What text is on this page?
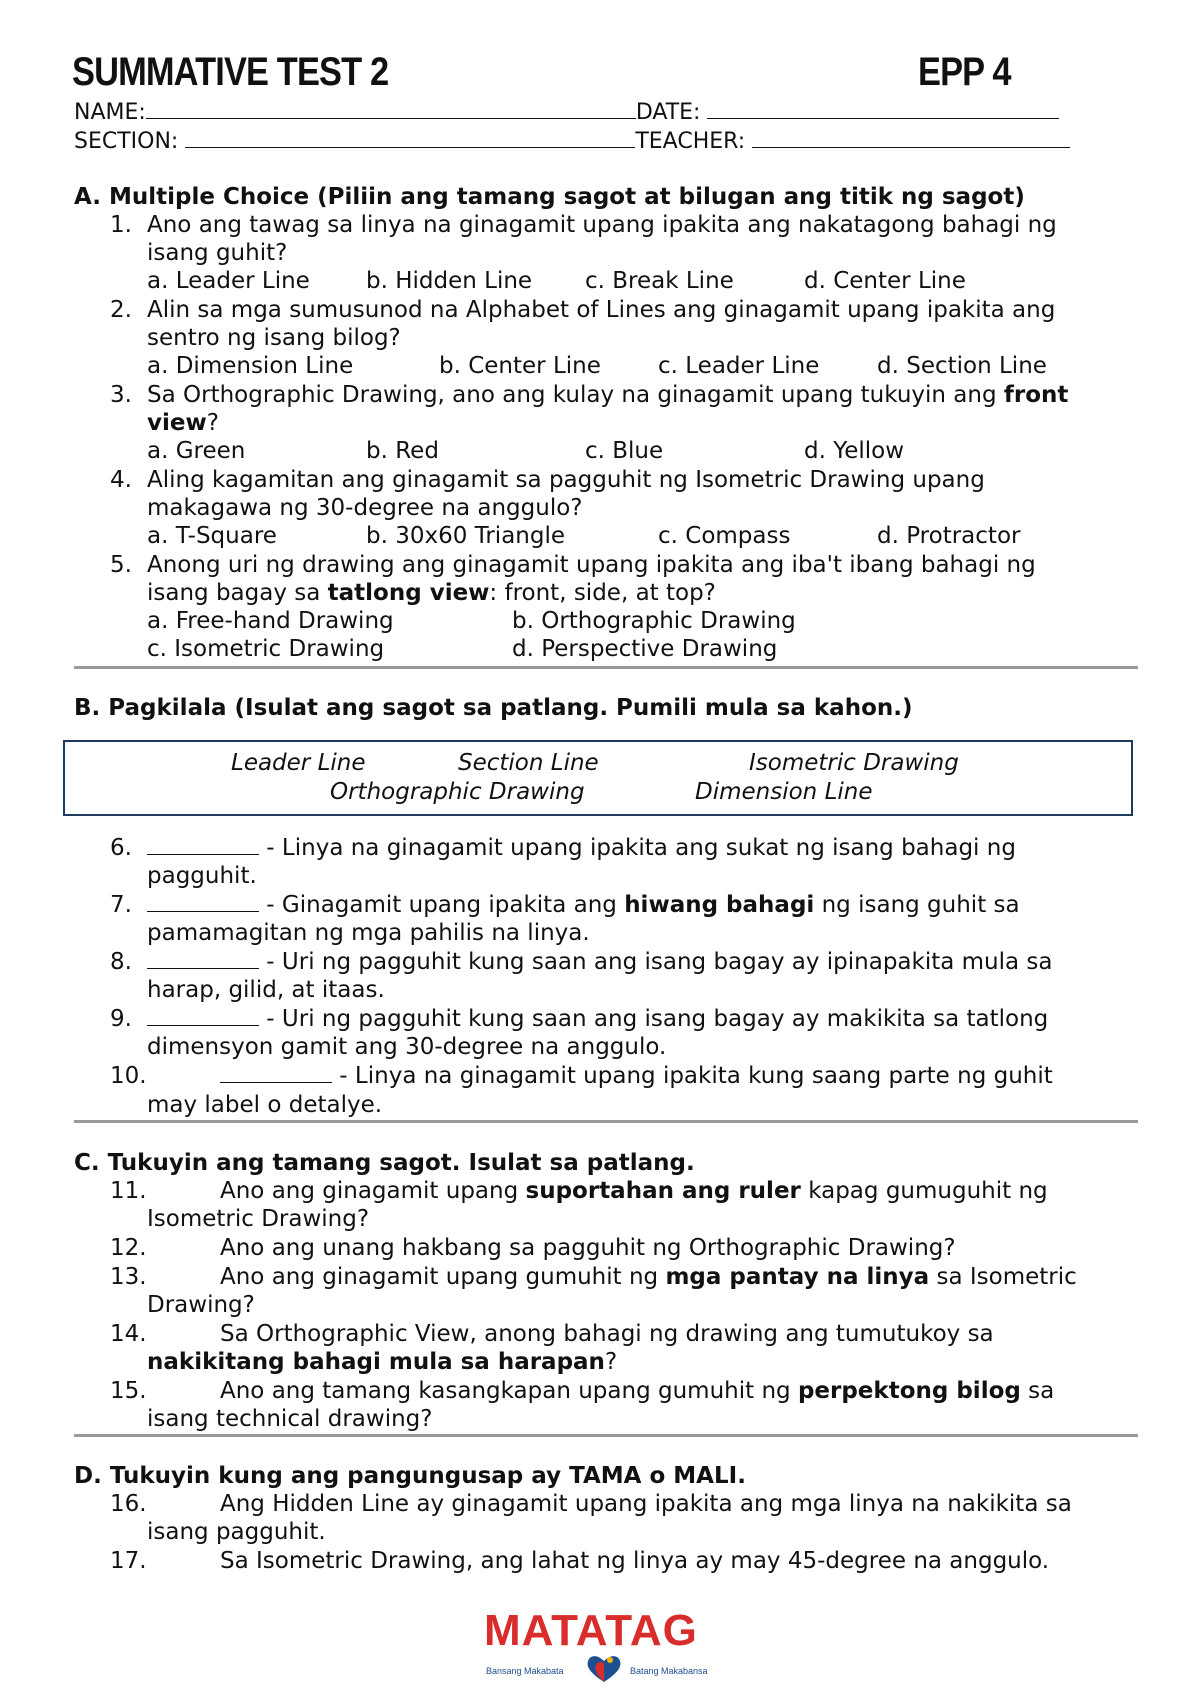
SUMMATIVE TEST 2	EPP 4
NAME:	DATE:
SECTION:	TEACHER:
A. Multiple Choice (Piliin ang tamang sagot at bilugan ang titik ng sagot)
1. Ano ang tawag sa linya na ginagamit upang ipakita ang nakatagong bahagi ng
isang guhit?
a. Leader Line b. Hidden Line c. Break Line	d. Center Line
2. Alin sa mga sumusunod na Alphabet of Lines ang ginagamit upang ipakita ang
sentro ng isang bilog?
a. Dimension Line	b. Center Line c. Leader Line	d. Section Line
3. Sa Orthographic Drawing, ano ang kulay na ginagamit upang tukuyin ang front
view?
a. Green	b. Red	c. Blue	d. Yellow
4. Aling kagamitan ang ginagamit sa pagguhit ng Isometric Drawing upang
makagawa ng 30-degree na anggulo?
a. T-Square	b. 30x60 Triangle	c. Compass	d. Protractor
5. Anong uri ng drawing ang ginagamit upang ipakita ang iba't ibang bahagi ng
isang bagay sa tatlong view: front, side, at top?
a. Free-hand Drawing	b. Orthographic Drawing
c. Isometric Drawing	d. Perspective Drawing
B. Pagkilala (Isulat ang sagot sa patlang. Pumili mula sa kahon.)
Leader Line	Section Line	Isometric Drawing
Orthographic Drawing	Dimension Line
6.	- Linya na ginagamit upang ipakita ang sukat ng isang bahagi ng
pagguhit.
7.	- Ginagamit upang ipakita ang hiwang bahagi ng isang guhit sa
pamamagitan ng mga pahilis na linya.
8.	- Uri ng pagguhit kung saan ang isang bagay ay ipinapakita mula sa
harap, gilid, at itaas.
9.	- Uri ng pagguhit kung saan ang isang bagay ay makikita sa tatlong
dimensyon gamit ang 30-degree na anggulo.
10.	- Linya na ginagamit upang ipakita kung saang parte ng guhit
may label o detalye.
C. Tukuyin ang tamang sagot. Isulat sa patlang.
11.	Ano ang ginagamit upang suportahan ang ruler kapag gumuguhit ng
Isometric Drawing?
12.	Ano ang unang hakbang sa pagguhit ng Orthographic Drawing?
13.	Ano ang ginagamit upang gumuhit ng mga pantay na linya sa Isometric
Drawing?
14.	Sa Orthographic View, anong bahagi ng drawing ang tumutukoy sa
nakikitang bahagi mula sa harapan?
15.	Ano ang tamang kasangkapan upang gumuhit ng perpektong bilog sa
isang technical drawing?
D. Tukuyin kung ang pangungusap ay TAMA o MALI.
16.	Ang Hidden Line ay ginagamit upang ipakita ang mga linya na nakikita sa
isang pagguhit.
17.	Sa Isometric Drawing, ang lahat ng linya ay may 45-degree na anggulo.
MATATAG
Bansang Makabata	Batang Makabansa
